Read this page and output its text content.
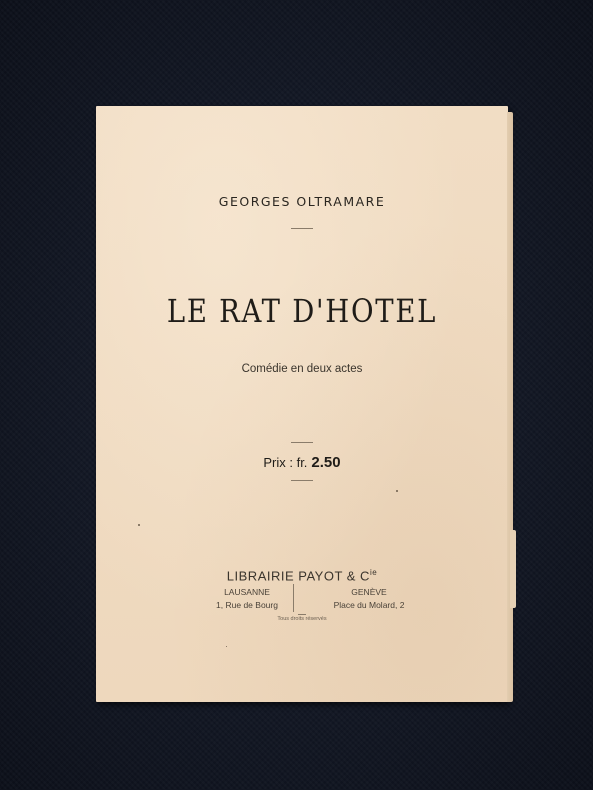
GEORGES OLTRAMARE
LE RAT D'HOTEL
Comédie en deux actes
Prix : fr. 2.50
LIBRAIRIE PAYOT & $C^{ie}$
LAUSANNE
1, Rue de Bourg
GENÈVE
Place du Molard, 2
Tous droits réservés
